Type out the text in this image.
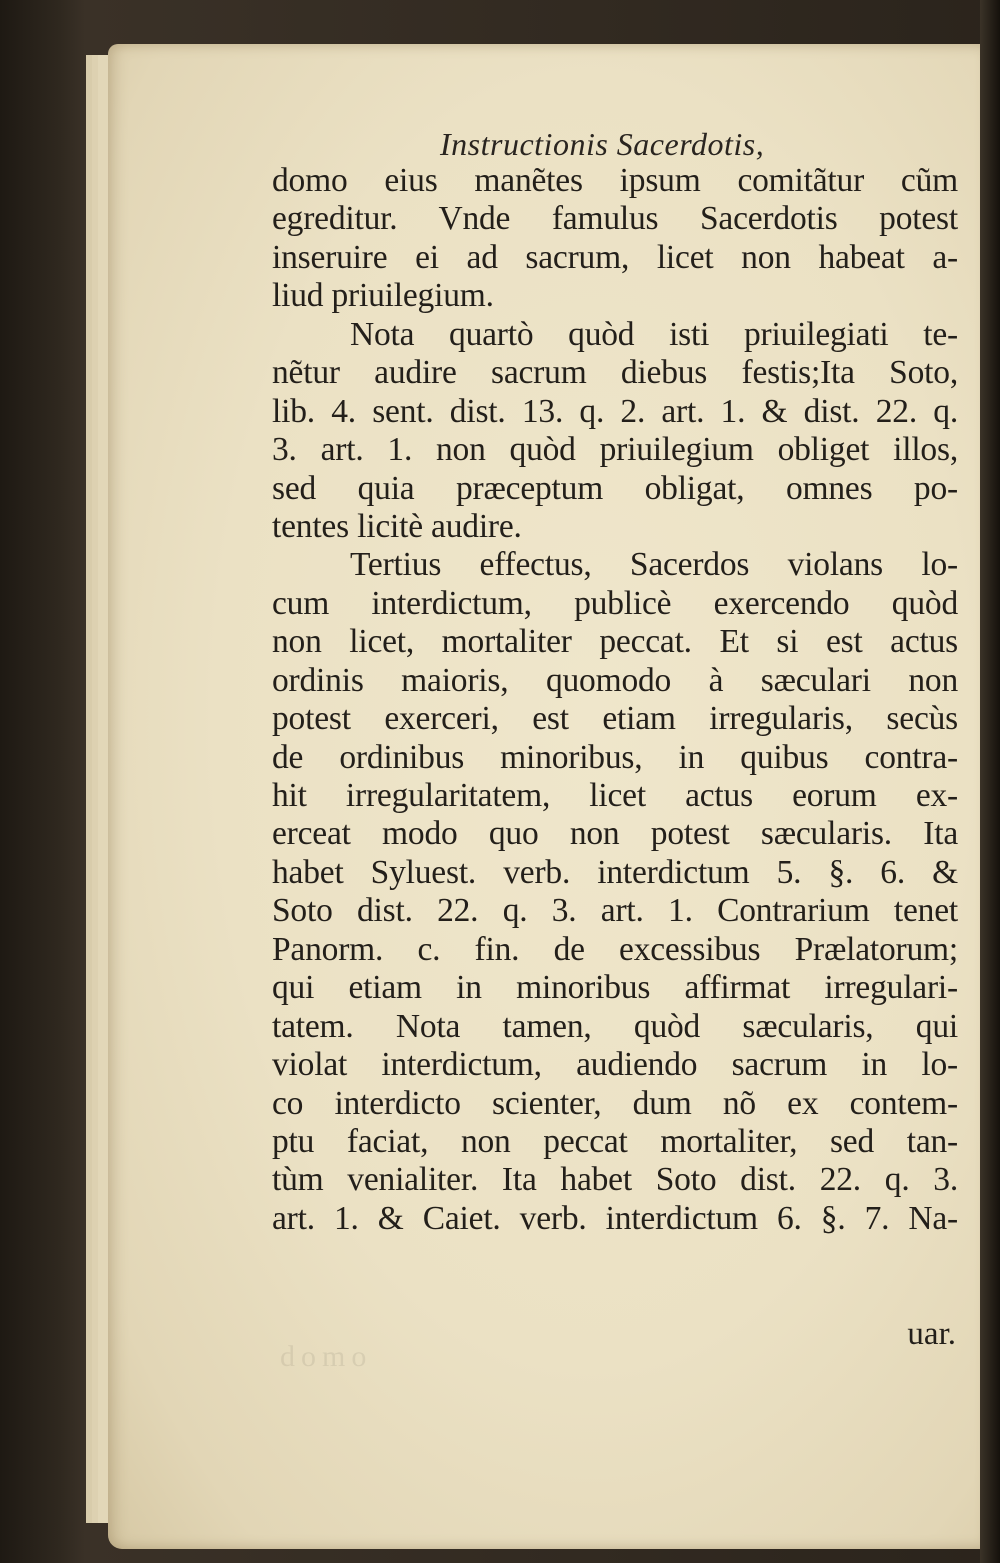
Instructionis Sacerdotis,
domo eius manẽtes ipsum comitãtur cũm
egreditur. Vnde famulus Sacerdotis potest
inseruire ei ad sacrum, licet non habeat a-
liud priuilegium.
Nota quartò quòd isti priuilegiati te-
nẽtur audire sacrum diebus festis;Ita Soto,
lib. 4. sent. dist. 13. q. 2. art. 1. & dist. 22. q.
3. art. 1. non quòd priuilegium obliget illos,
sed quia præceptum obligat, omnes po-
tentes licitè audire.
Tertius effectus, Sacerdos violans lo-
cum interdictum, publicè exercendo quòd
non licet, mortaliter peccat. Et si est actus
ordinis maioris, quomodo à sæculari non
potest exerceri, est etiam irregularis, secùs
de ordinibus minoribus, in quibus contra-
hit irregularitatem, licet actus eorum ex-
erceat modo quo non potest sæcularis. Ita
habet Syluest. verb. interdictum 5. §. 6. &
Soto dist. 22. q. 3. art. 1. Contrarium tenet
Panorm. c. fin. de excessibus Prælatorum;
qui etiam in minoribus affirmat irregulari-
tatem. Nota tamen, quòd sæcularis, qui
violat interdictum, audiendo sacrum in lo-
co interdicto scienter, dum nõ ex contem-
ptu faciat, non peccat mortaliter, sed tan-
tùm venialiter. Ita habet Soto dist. 22. q. 3.
art. 1. & Caiet. verb. interdictum 6. §. 7. Na-
domo
uar.
